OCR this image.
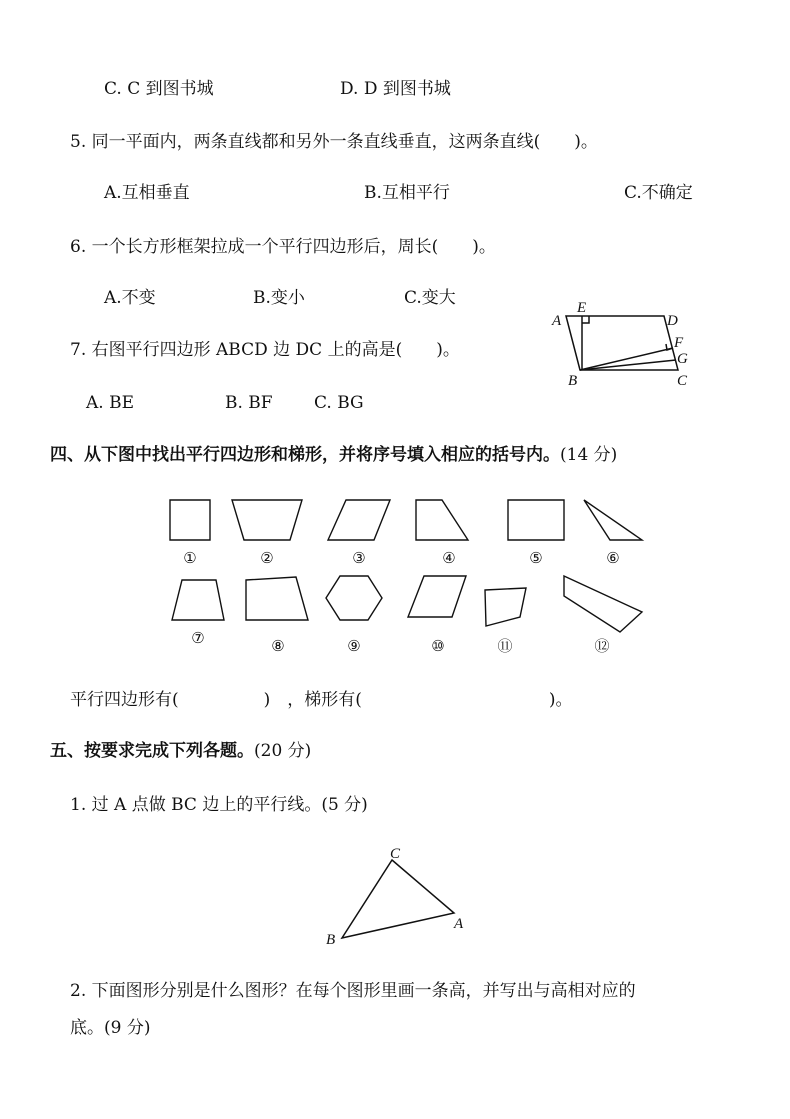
C. C 到图书城	D. D 到图书城
5. 同一平面内，两条直线都和另外一条直线垂直，这两条直线(　　)。
A.互相垂直	B.互相平行	C.不确定
6. 一个长方形框架拉成一个平行四边形后，周长(　　)。
A.不变	B.变小	C.变大
7. 右图平行四边形 ABCD 边 DC 上的高是(　　)。
A. BE	B. BF C. BG
A
E
D
F
G
B	C
四、从下图中找出平行四边形和梯形，并将序号填入相应的括号内。(14 分)
①	②	③	④	⑤	⑥
⑦	⑧	⑨	⑩	⑪	⑫
平行四边形有(　　　　　)　，梯形有(　　　　　　　　　　　)。
五、按要求完成下列各题。(20 分)
1. 过 A 点做 BC 边上的平行线。(5 分)
C
A
B
2. 下面图形分别是什么图形？在每个图形里画一条高，并写出与高相对应的
底。(9 分)
